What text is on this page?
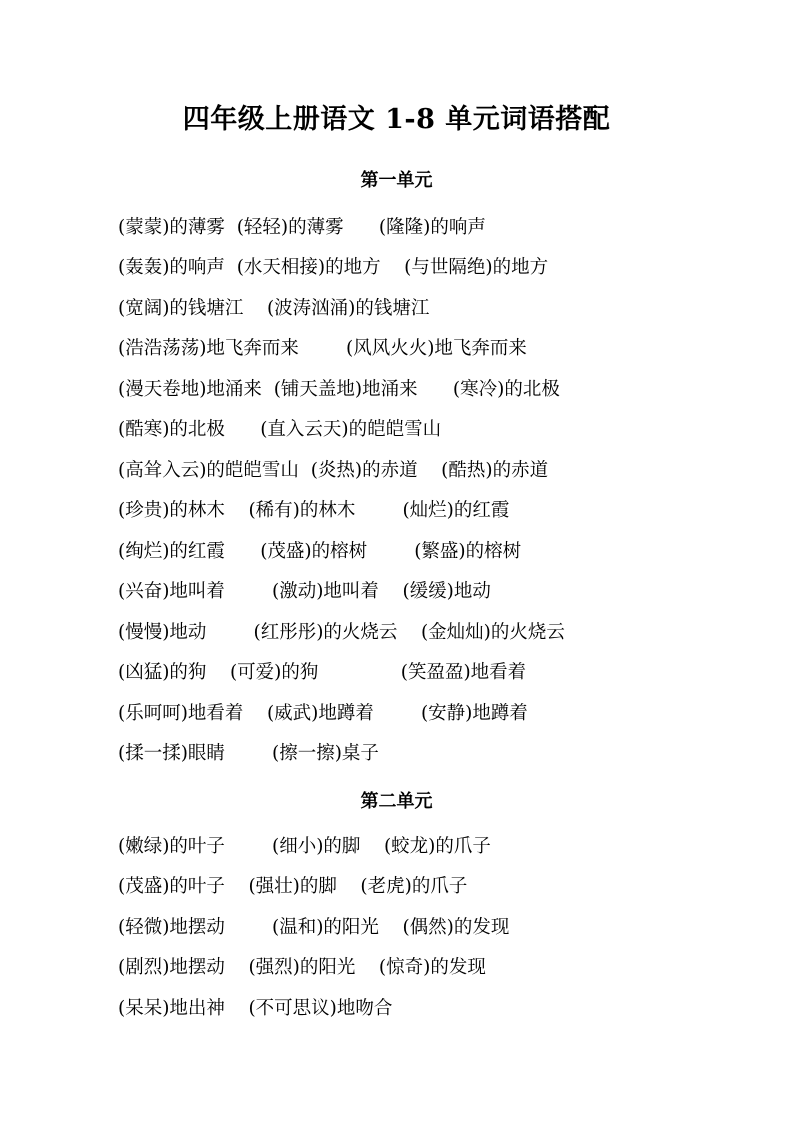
四年级上册语文 1-8 单元词语搭配
第一单元
(蒙蒙)的薄雾  (轻轻)的薄雾      (隆隆)的响声
(轰轰)的响声  (水天相接)的地方    (与世隔绝)的地方
(宽阔)的钱塘江    (波涛汹涌)的钱塘江
(浩浩荡荡)地飞奔而来        (风风火火)地飞奔而来
(漫天卷地)地涌来  (铺天盖地)地涌来      (寒冷)的北极
(酷寒)的北极      (直入云天)的皑皑雪山
(高耸入云)的皑皑雪山  (炎热)的赤道    (酷热)的赤道
(珍贵)的林木    (稀有)的林木        (灿烂)的红霞
(绚烂)的红霞      (茂盛)的榕树        (繁盛)的榕树
(兴奋)地叫着        (激动)地叫着    (缓缓)地动
(慢慢)地动        (红彤彤)的火烧云    (金灿灿)的火烧云
(凶猛)的狗    (可爱)的狗              (笑盈盈)地看着
(乐呵呵)地看着    (威武)地蹲着        (安静)地蹲着
(揉一揉)眼睛        (擦一擦)桌子
第二单元
(嫩绿)的叶子        (细小)的脚    (蛟龙)的爪子
(茂盛)的叶子    (强壮)的脚    (老虎)的爪子
(轻微)地摆动        (温和)的阳光    (偶然)的发现
(剧烈)地摆动    (强烈)的阳光    (惊奇)的发现
(呆呆)地出神    (不可思议)地吻合
